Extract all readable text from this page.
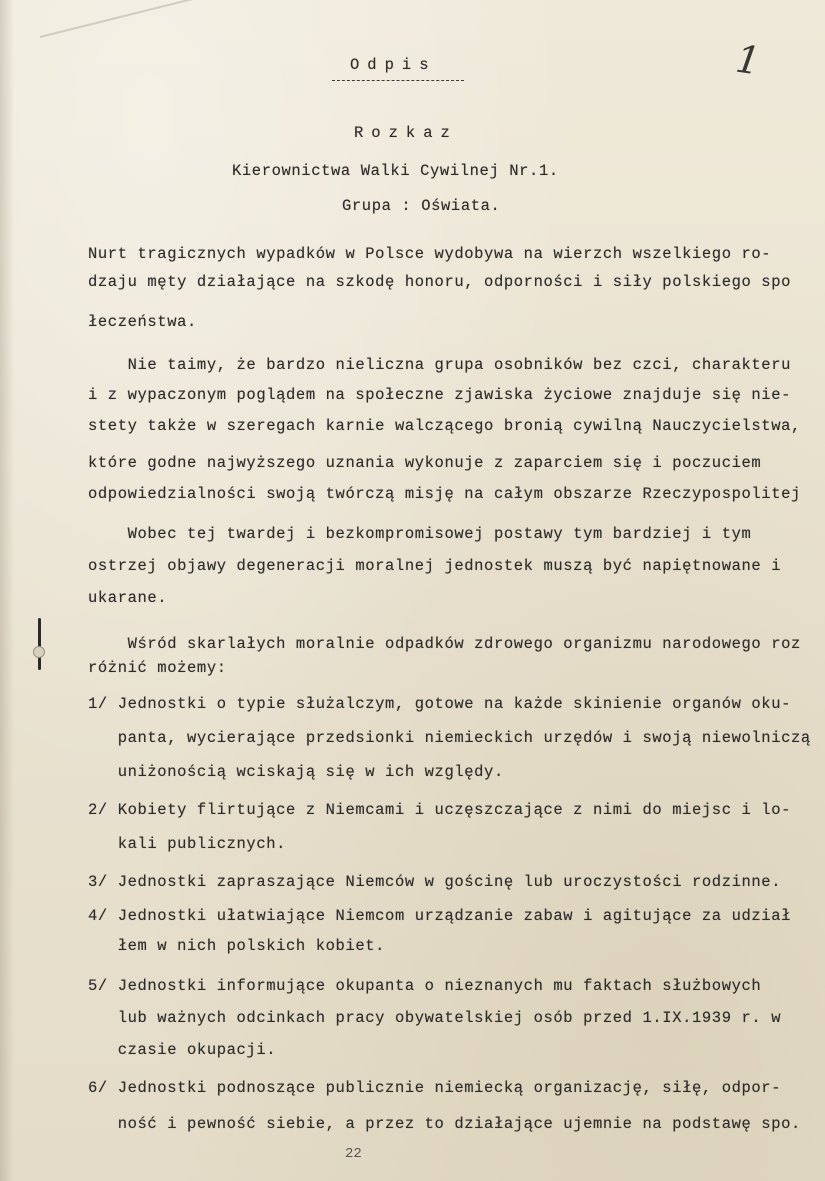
Odpis	1
Rozkaz
Kierownictwa Walki Cywilnej Nr.1.
Grupa : Oświata.
Nurt tragicznych wypadków w Polsce wydobywa na wierzch wszelkiego ro-
dzaju męty działające na szkodę honoru, odporności i siły polskiego spo
łeczeństwa.
Nie taimy, że bardzo nieliczna grupa osobników bez czci, charakteru
i z wypaczonym poglądem na społeczne zjawiska życiowe znajduje się nie-
stety także w szeregach karnie walczącego bronią cywilną Nauczycielstwa,
które godne najwyższego uznania wykonuje z zaparciem się i poczuciem
odpowiedzialności swoją twórczą misję na całym obszarze Rzeczypospolitej
Wobec tej twardej i bezkompromisowej postawy tym bardziej i tym
ostrzej objawy degeneracji moralnej jednostek muszą być napiętnowane i
ukarane.
Wśród skarlałych moralnie odpadków zdrowego organizmu narodowego roz
różnić możemy:
1/ Jednostki o typie służalczym, gotowe na każde skinienie organów oku-
panta, wycierające przedsionki niemieckich urzędów i swoją niewolniczą
uniżonością wciskają się w ich względy.
2/ Kobiety flirtujące z Niemcami i uczęszczające z nimi do miejsc i lo-
kali publicznych.
3/ Jednostki zapraszające Niemców w gościnę lub uroczystości rodzinne.
4/ Jednostki ułatwiające Niemcom urządzanie zabaw i agitujące za udział
łem w nich polskich kobiet.
5/ Jednostki informujące okupanta o nieznanych mu faktach służbowych
lub ważnych odcinkach pracy obywatelskiej osób przed 1.IX.1939 r. w
czasie okupacji.
6/ Jednostki podnoszące publicznie niemiecką organizację, siłę, odpor-
ność i pewność siebie, a przez to działające ujemnie na podstawę spo.
22
